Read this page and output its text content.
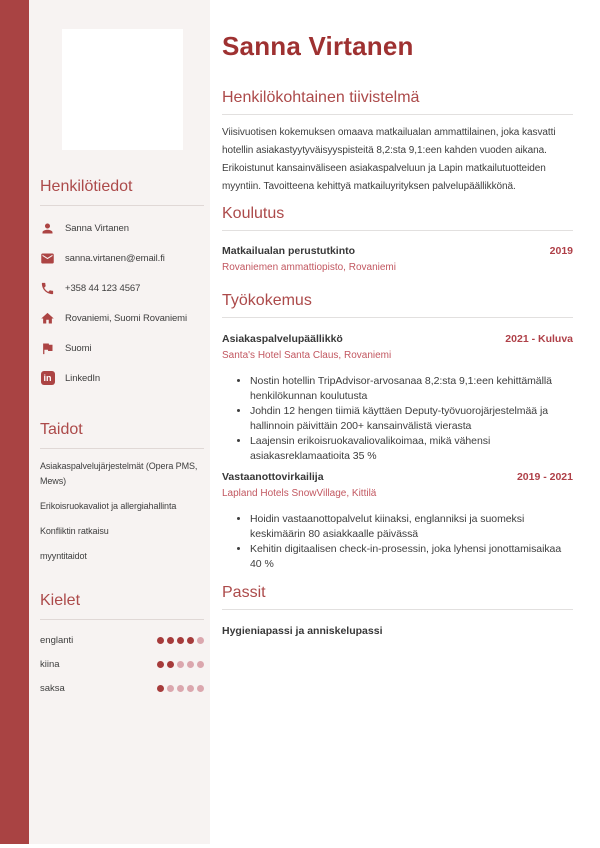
Henkilötiedot
Sanna Virtanen
sanna.virtanen@email.fi
+358 44 123 4567
Rovaniemi, Suomi Rovaniemi
Suomi
in	LinkedIn
Taidot
Asiakaspalvelujärjestelmät (Opera PMS, Mews)
Erikoisruokavaliot ja allergiahallinta
Konfliktin ratkaisu
myyntitaidot
Kielet
englanti
kiina
saksa
Sanna Virtanen
Henkilökohtainen tiivistelmä

Viisivuotisen kokemuksen omaava matkailualan ammattilainen, joka kasvatti hotellin asiakastyytyväisyyspisteitä 8,2:sta 9,1:een kahden vuoden aikana. Erikoistunut kansainväliseen asiakaspalveluun ja Lapin matkailutuotteiden myyntiin. Tavoitteena kehittyä matkailuyrityksen palvelupäällikkönä.

Koulutus
Matkailualan perustutkinto	2019
Rovaniemen ammattiopisto, Rovaniemi
Työkokemus
Asiakaspalvelupäällikkö	2021 - Kuluva
Santa's Hotel Santa Claus, Rovaniemi
• Nostin hotellin TripAdvisor-arvosanaa 8,2:sta 9,1:een kehittämällä henkilökunnan koulutusta
• Johdin 12 hengen tiimiä käyttäen Deputy-työvuorojärjestelmää ja hallinnoin päivittäin 200+ kansainvälistä vierasta
• Laajensin erikoisruokavaliovalikoimaa, mikä vähensi asiakasreklamaatioita 35 %
Vastaanottovirkailija	2019 - 2021
Lapland Hotels SnowVillage, Kittilä
• Hoidin vastaanottopalvelut kiinaksi, englanniksi ja suomeksi keskimäärin 80 asiakkaalle päivässä
• Kehitin digitaalisen check-in-prosessin, joka lyhensi jonottamisaikaa 40 %
Passit
Hygieniapassi ja anniskelupassi
